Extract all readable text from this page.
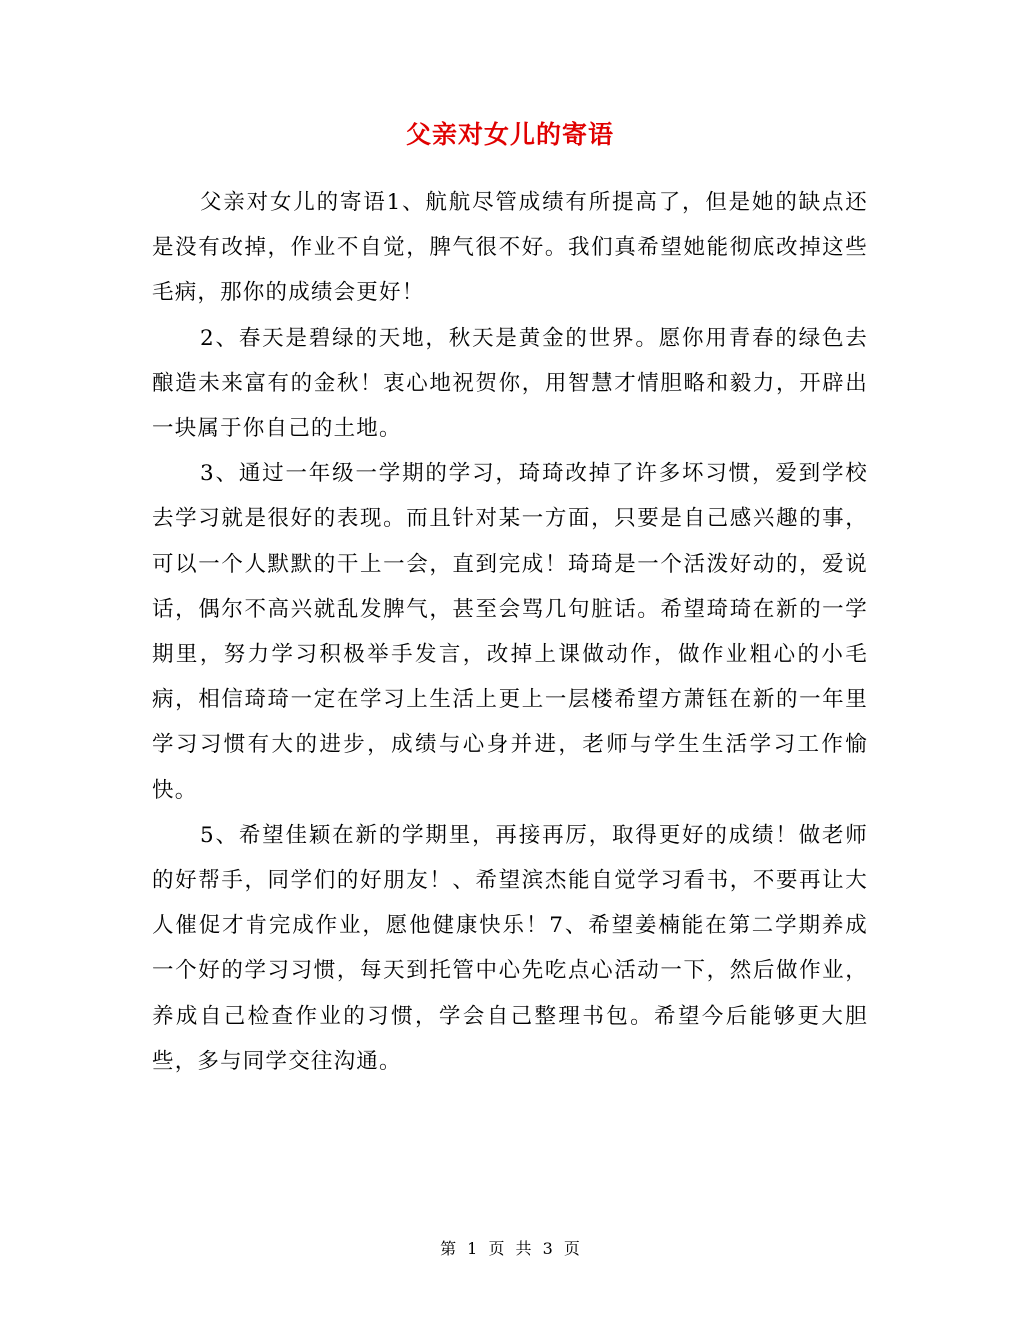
父亲对女儿的寄语

父亲对女儿的寄语1、航航尽管成绩有所提高了，但是她的缺点还是没有改掉，作业不自觉，脾气很不好。我们真希望她能彻底改掉这些毛病，那你的成绩会更好！

2、春天是碧绿的天地，秋天是黄金的世界。愿你用青春的绿色去酿造未来富有的金秋！衷心地祝贺你，用智慧才情胆略和毅力，开辟出一块属于你自己的土地。

3、通过一年级一学期的学习，琦琦改掉了许多坏习惯，爱到学校去学习就是很好的表现。而且针对某一方面，只要是自己感兴趣的事，可以一个人默默的干上一会，直到完成！琦琦是一个活泼好动的，爱说话，偶尔不高兴就乱发脾气，甚至会骂几句脏话。希望琦琦在新的一学期里，努力学习积极举手发言，改掉上课做动作，做作业粗心的小毛病，相信琦琦一定在学习上生活上更上一层楼希望方萧钰在新的一年里学习习惯有大的进步，成绩与心身并进，老师与学生生活学习工作愉快。

5、希望佳颖在新的学期里，再接再厉，取得更好的成绩！做老师的好帮手，同学们的好朋友！、希望滨杰能自觉学习看书，不要再让大人催促才肯完成作业，愿他健康快乐！7、希望姜楠能在第二学期养成一个好的学习习惯，每天到托管中心先吃点心活动一下，然后做作业，养成自己检查作业的习惯，学会自己整理书包。希望今后能够更大胆些，多与同学交往沟通。

第 1 页 共 3 页
